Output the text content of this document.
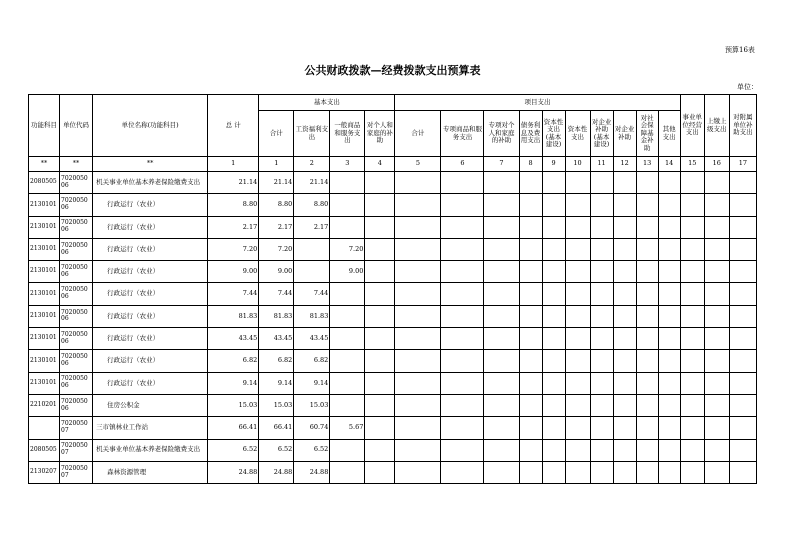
预算16表
公共财政拨款—经费拨款支出预算表
单位：
功能科目	单位代码	单位名称(功能科目)	总 计	基本支出				项目支出										事业单位经营支出	上缴上级支出	对附属单位补助支出
				合计	工资福利支出	一般商品和服务支出	对个人和家庭的补助	合计	专项商品和服务支出	专项对个人和家庭的补助	债务利息及费用支出	资本性支出(基本建设)	资本性支出	对企业补助(基本建设)	对企业补助	对社会保障基金补助	其他支出			
**	**	**	1	1	2	3	4	5	6	7	8	9	10	11	12	13	14	15	16	17
2080505	702005006	机关事业单位基本养老保险缴费支出	21.14	21.14	21.14															
2130101	702005006	行政运行（农业）	8.80	8.80	8.80															
2130101	702005006	行政运行（农业）	2.17	2.17	2.17															
2130101	702005006	行政运行（农业）	7.20	7.20		7.20														
2130101	702005006	行政运行（农业）	9.00	9.00		9.00														
2130101	702005006	行政运行（农业）	7.44	7.44	7.44															
2130101	702005006	行政运行（农业）	81.83	81.83	81.83															
2130101	702005006	行政运行（农业）	43.45	43.45	43.45															
2130101	702005006	行政运行（农业）	6.82	6.82	6.82															
2130101	702005006	行政运行（农业）	9.14	9.14	9.14															
2210201	702005006	住房公积金	15.03	15.03	15.03															
	702005007	三市镇林业工作站	66.41	66.41	60.74	5.67														
2080505	702005007	机关事业单位基本养老保险缴费支出	6.52	6.52	6.52															
2130207	702005007	森林资源管理	24.88	24.88	24.88															
